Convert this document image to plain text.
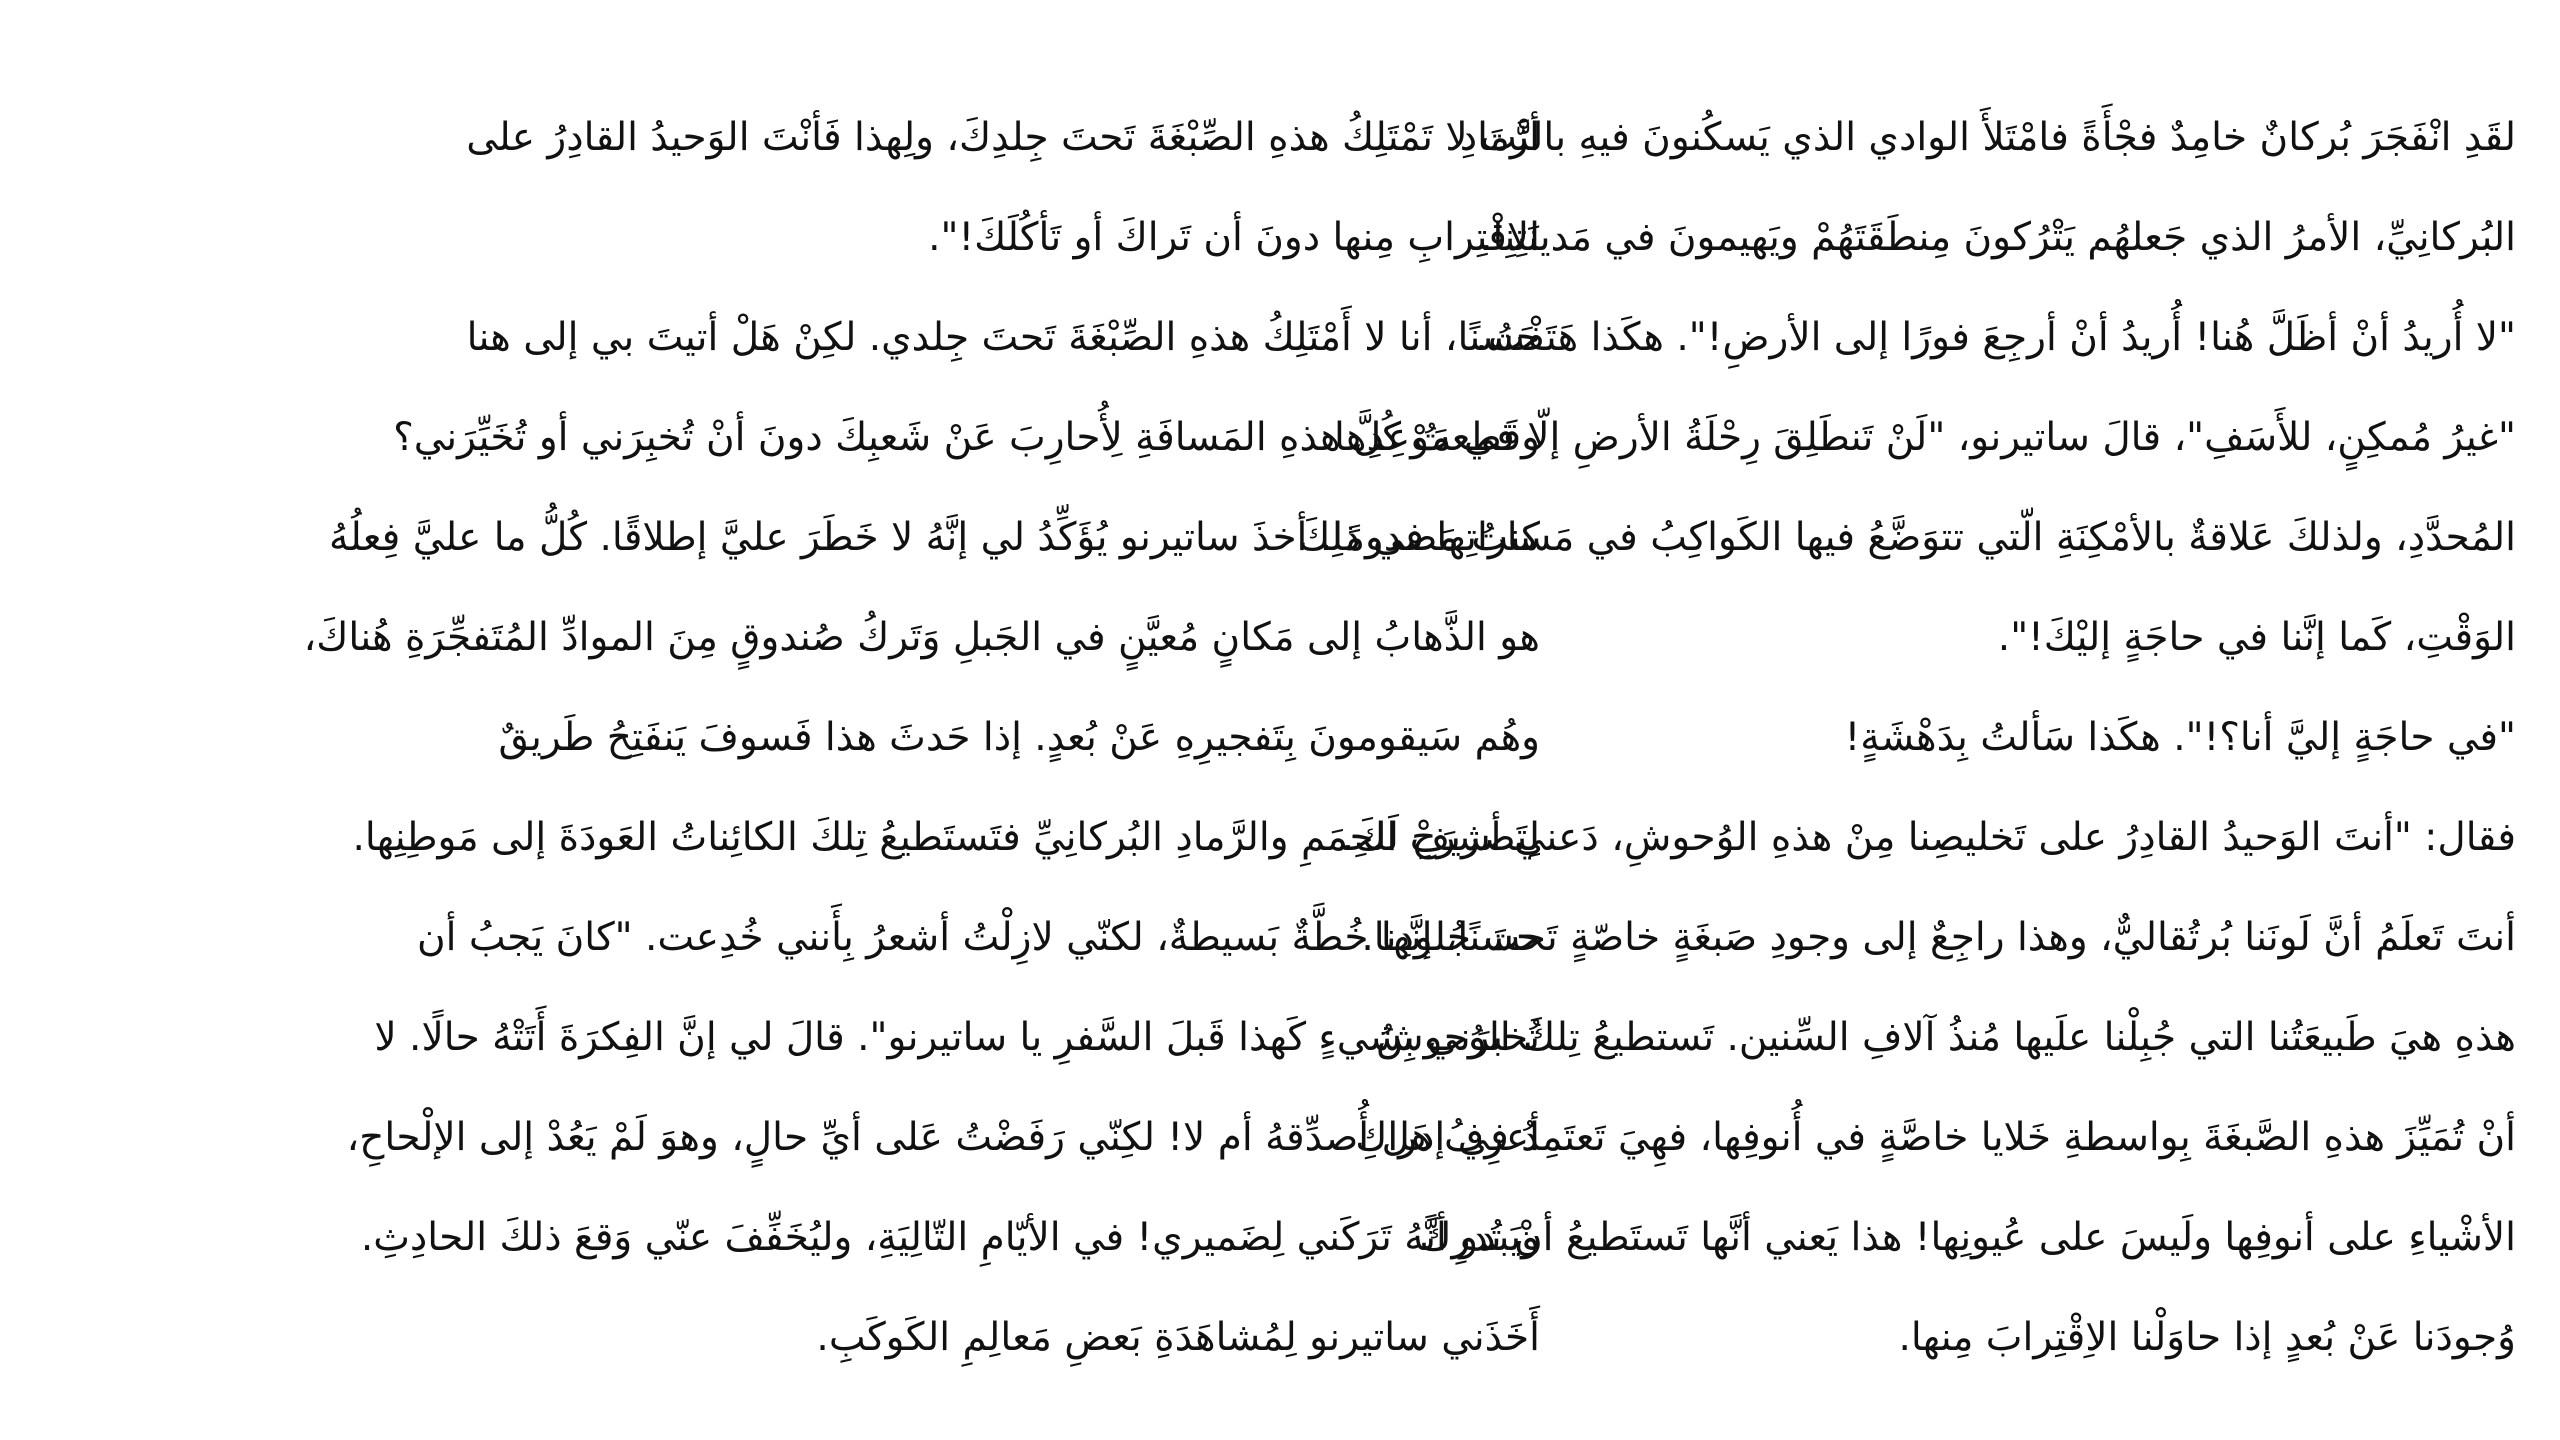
لقَدِ انْفَجَرَ بُركانٌ خامِدٌ فجْأَةً فامْتَلأَ الوادي الذي يَسكُنونَ فيهِ بالرَّمادِ
البُركانِيِّ، الأمرُ الذي جَعلهُم يَتْرُكونَ مِنطَقَتَهُمْ ويَهيمونَ في مَدينَتِنا.
"لا أُريدُ أنْ أظَلَّ هُنا! أُريدُ أنْ أرجِعَ فورًا إلى الأرضِ!". هكَذا هَتَفْتُ.
"غيرُ مُمكِنٍ، للأَسَفِ"، قالَ ساتيرنو، "لَنْ تَنطَلِقَ رِحْلَةُ الأرضِ إلّا في مَوْعِدِها
المُحدَّدِ، ولذلكَ عَلاقةٌ بالأمْكِنَةِ الّتي تتوَضَّعُ فيها الكَواكِبُ في مَساراتِها في ذلِكَ
الوَقْتِ، كَما إنَّنا في حاجَةٍ إليْكَ!".
"في حاجَةٍ إليَّ أنا؟!". هكَذا سَألتُ بِدَهْشَةٍ!
فقال: "أنتَ الوَحيدُ القادِرُ على تَخليصِنا مِنْ هذهِ الوُحوشِ، دَعني أشرَحْ لَكَ.
أنتَ تَعلَمُ أنَّ لَونَنا بُرتُقاليٌّ، وهذا راجِعٌ إلى وجودِ صَبغَةٍ خاصّةٍ تَحتَ جُلودِنا.
هذهِ هيَ طَبيعَتُنا التي جُبِلْنا علَيها مُنذُ آلافِ السِّنين. تَستطيعُ تِلكَ الوُحوشُ
أنْ تُمَيِّزَ هذهِ الصَّبغَةَ بِواسطةِ خَلايا خاصَّةٍ في أُنوفِها، فهِيَ تَعتَمِدُ في إدراكِ
الأشْياءِ على أنوفِها ولَيسَ على عُيونِها! هذا يَعني أنَّها تَستَطيعُ أنْ تُدرِكَ
وُجودَنا عَنْ بُعدٍ إذا حاوَلْنا الاِقْتِرابَ مِنها.
أنْتَ لا تَمْتَلِكُ هذهِ الصِّبْغَةَ تَحتَ جِلدِكَ، ولِهذا فَأنْتَ الوَحيدُ القادِرُ على
الاِقْتِرابِ مِنها دونَ أن تَراكَ أو تَأكُلَكَ!".
حَسنًا، أنا لا أَمْتَلِكُ هذهِ الصِّبْغَةَ تَحتَ جِلدي. لكِنْ هَلْ أتيتَ بي إلى هنا
وقَطعتُ كُلَّ هذهِ المَسافَةِ لِأُحارِبَ عَنْ شَعبِكَ دونَ أنْ تُخبِرَني أو تُخَيِّرَني؟
كنتُ مَصدومًا. أخذَ ساتيرنو يُؤَكِّدُ لي إنَّهُ لا خَطَرَ عليَّ إطلاقًا. كُلُّ ما عليَّ فِعلُهُ
هو الذَّهابُ إلى مَكانٍ مُعيَّنٍ في الجَبلِ وَتَركُ صُندوقٍ مِنَ الموادِّ المُتَفجِّرَةِ هُناكَ،
وهُم سَيقومونَ بِتَفجيرِهِ عَنْ بُعدٍ. إذا حَدثَ هذا فَسوفَ يَنفَتِحُ طَريقٌ
لِتَصريفِ الحِمَمِ والرَّمادِ البُركانِيِّ فتَستَطيعُ تِلكَ الكائِناتُ العَودَةَ إلى مَوطِنِها.
حسنًا، إنَّها خُطَّةٌ بَسيطةٌ، لكنّي لازِلْتُ أشعرُ بِأَنني خُدِعت. "كانَ يَجبُ أن
تُخبرَني بِشيءٍ كَهذا قَبلَ السَّفرِ يا ساتيرنو". قالَ لي إنَّ الفِكرَةَ أَتَتْهُ حالًا. لا
أعرِفُ هَل أُصدِّقهُ أم لا! لكِنّي رَفَضْتُ عَلى أيِّ حالٍ، وهوَ لَمْ يَعُدْ إلى الإلْحاحِ،
ويَبدو أنَّهُ تَرَكَني لِضَميري! في الأيّامِ التّالِيَةِ، وليُخَفِّفَ عنّي وَقعَ ذلكَ الحادِثِ.
أَخَذَني ساتيرنو لِمُشاهَدَةِ بَعضِ مَعالِمِ الكَوكَبِ.
